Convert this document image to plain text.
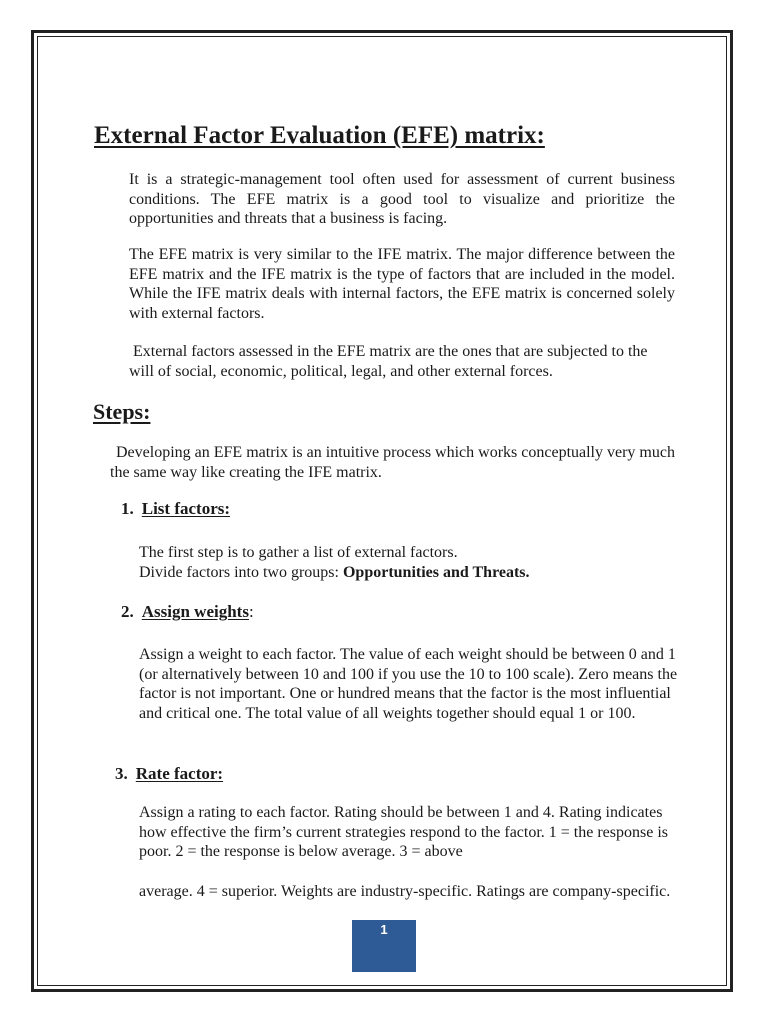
External Factor Evaluation (EFE) matrix:

It is a strategic-management tool often used for assessment of current business conditions. The EFE matrix is a good tool to visualize and prioritize the opportunities and threats that a business is facing.

The EFE matrix is very similar to the IFE matrix. The major difference between the EFE matrix and the IFE matrix is the type of factors that are included in the model. While the IFE matrix deals with internal factors, the EFE matrix is concerned solely with external factors.

External factors assessed in the EFE matrix are the ones that are subjected to the will of social, economic, political, legal, and other external forces.

Steps:

Developing an EFE matrix is an intuitive process which works conceptually very much the same way like creating the IFE matrix.

1. List factors:

The first step is to gather a list of external factors.
Divide factors into two groups: Opportunities and Threats.

2. Assign weights:

Assign a weight to each factor. The value of each weight should be between 0 and 1 (or alternatively between 10 and 100 if you use the 10 to 100 scale). Zero means the factor is not important. One or hundred means that the factor is the most influential and critical one. The total value of all weights together should equal 1 or 100.

3. Rate factor:

Assign a rating to each factor. Rating should be between 1 and 4. Rating indicates how effective the firm’s current strategies respond to the factor. 1 = the response is poor. 2 = the response is below average. 3 = above

average. 4 = superior. Weights are industry-specific. Ratings are company-specific.

1
